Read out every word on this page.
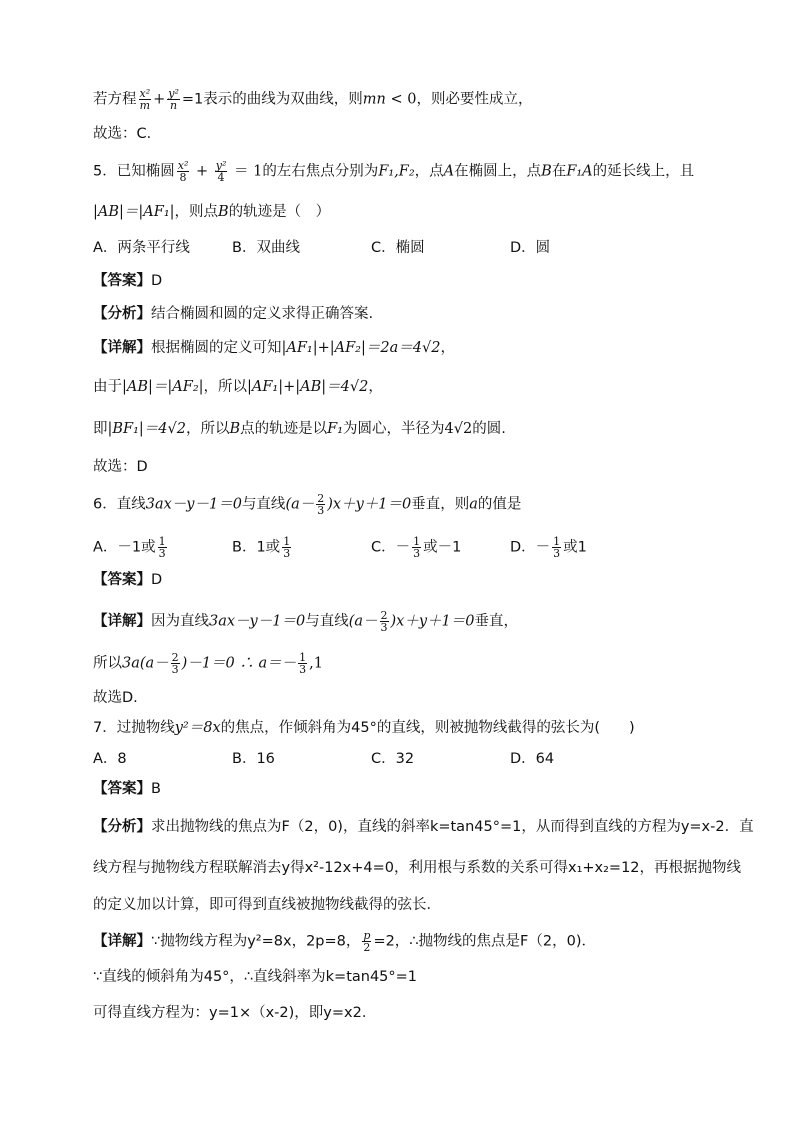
若方程 $\frac{\text{x²}}{m} + \frac{\text{y²}}{n} =1$表示的曲线为双曲线，则mn < 0，则必要性成立，
故选：C．
5．已知椭圆 $\frac{\text{x²}}{8} + \frac{\text{y²}}{4} = 1$的左右焦点分别为F₁,F₂，点A在椭圆上，点B在F₁A的延长线上，且
|AB|＝|AF₁|，则点B的轨迹是（　）
A．两条平行线	B．双曲线	C．椭圆	D．圆
【答案】D
【分析】结合椭圆和圆的定义求得正确答案.
【详解】根据椭圆的定义可知|AF₁|+|AF₂|＝2a＝4√2，
由于|AB|＝|AF₂|，所以|AF₁|+|AB|＝4√2，
即|BF₁|＝4√2，所以B点的轨迹是以F₁为圆心，半径为4√2的圆.
故选：D
6．直线3ax－y－1＝0与直线$(a- \frac{2}{3} )x+y+1=0$垂直，则a的值是
A．－1或 $\frac{1}{3}$	B．1或 $\frac{1}{3}$	C．－ $\frac{1}{3}$ 或－1	D．－ $\frac{1}{3}$ 或1
【答案】D
【详解】因为直线3ax－y－1＝0与直线$(a- \frac{2}{3} )x+y+1=0$垂直，
所以$3a(a- \frac{2}{3} )-1=0$ ∴ $a=- \frac{1}{3} ,1$
故选D.
7．过抛物线y²＝8x的焦点，作倾斜角为45°的直线，则被抛物线截得的弦长为(　　)
A．8	B．16	C．32	D．64
【答案】B
【分析】求出抛物线的焦点为F（2，0)，直线的斜率k=tan45°=1，从而得到直线的方程为y=x-2．直
线方程与抛物线方程联解消去y得x²-12x+4=0，利用根与系数的关系可得x₁+x₂=12，再根据抛物线
的定义加以计算，即可得到直线被抛物线截得的弦长．
【详解】∵抛物线方程为y²=8x，2p=8， $\frac{p}{2} =2$，∴抛物线的焦点是F（2，0)．
∵直线的倾斜角为45°，∴直线斜率为k=tan45°=1
可得直线方程为：y=1×（x-2)，即y=x2．
